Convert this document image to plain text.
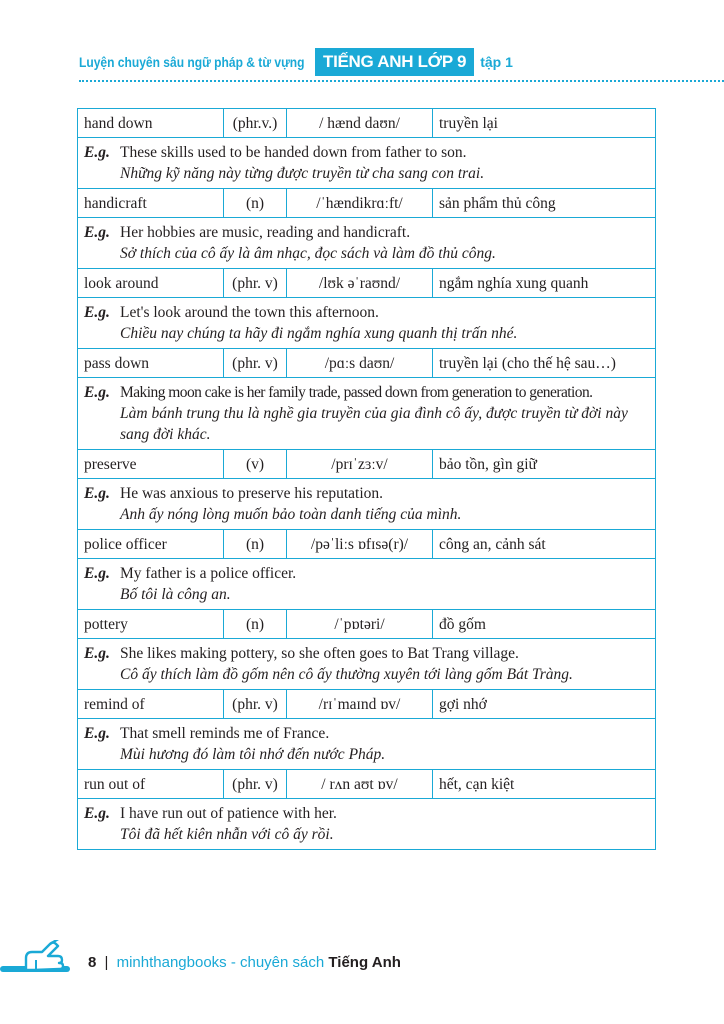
Luyện chuyên sâu ngữ pháp & từ vựng	TIẾNG ANH LỚP 9	tập 1
hand down	(phr.v.)	/ hænd daʊn/	truyền lại

E.g. These skills used to be handed down from father to son.
Những kỹ năng này từng được truyền từ cha sang con trai.			

handicraft	(n)	/ˈhændikrɑːft/	sản phẩm thủ công

E.g. Her hobbies are music, reading and handicraft.
Sở thích của cô ấy là âm nhạc, đọc sách và làm đồ thủ công.			

look around	(phr. v)	/lʊk əˈraʊnd/	ngắm nghía xung quanh

E.g. Let's look around the town this afternoon.
Chiều nay chúng ta hãy đi ngắm nghía xung quanh thị trấn nhé.			

pass down	(phr. v)	/pɑːs daʊn/	truyền lại (cho thế hệ sau…)

E.g. Making moon cake is her family trade, passed down from generation to generation.
Làm bánh trung thu là nghề gia truyền của gia đình cô ấy, được truyền từ đời này sang đời khác.			

preserve	(v)	/prɪˈzɜːv/	bảo tồn, gìn giữ

E.g. He was anxious to preserve his reputation.
Anh ấy nóng lòng muốn bảo toàn danh tiếng của mình.			

police officer	(n)	/pəˈliːs ɒfɪsə(r)/	công an, cảnh sát

E.g. My father is a police officer.
Bố tôi là công an.			

pottery	(n)	/ˈpɒtəri/	đồ gốm

E.g. She likes making pottery, so she often goes to Bat Trang village.
Cô ấy thích làm đồ gốm nên cô ấy thường xuyên tới làng gốm Bát Tràng.			

remind of	(phr. v)	/rɪˈmaɪnd ɒv/	gợi nhớ

E.g. That smell reminds me of France.
Mùi hương đó làm tôi nhớ đến nước Pháp.			

run out of	(phr. v)	/ rʌn aʊt ɒv/	hết, cạn kiệt

E.g. I have run out of patience with her.
Tôi đã hết kiên nhẫn với cô ấy rồi.			
8 | minhthangbooks - chuyên sách Tiếng Anh
